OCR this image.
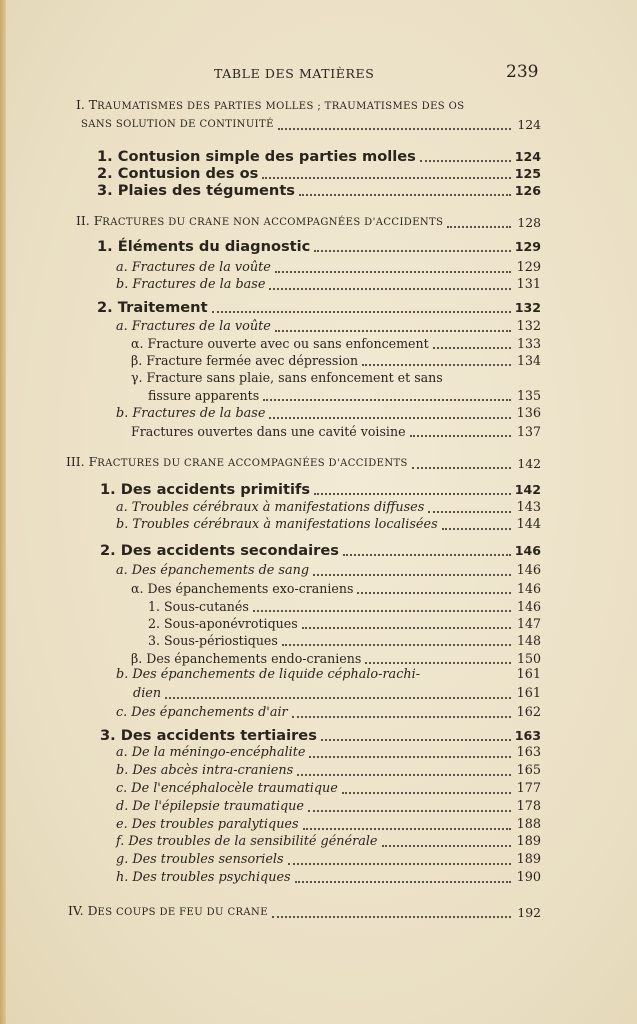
TABLE DES MATIÈRES	239
I. TRAUMATISMES DES PARTIES MOLLES ; TRAUMATISMES DES OS
SANS SOLUTION DE CONTINUITÉ	124
1. Contusion simple des parties molles	124
2. Contusion des os	125
3. Plaies des téguments	126
II. FRACTURES DU CRANE NON ACCOMPAGNÉES D'ACCIDENTS	128
1. Éléments du diagnostic	129
a. Fractures de la voûte	129
b. Fractures de la base	131
2. Traitement	132
a. Fractures de la voûte	132
α. Fracture ouverte avec ou sans enfoncement	133
β. Fracture fermée avec dépression	134
γ. Fracture sans plaie, sans enfoncement et sans
fissure apparents	135
b. Fractures de la base	136
Fractures ouvertes dans une cavité voisine	137
III. FRACTURES DU CRANE ACCOMPAGNÉES D'ACCIDENTS	142
1. Des accidents primitifs	142
a. Troubles cérébraux à manifestations diffuses	143
b. Troubles cérébraux à manifestations localisées	144
2. Des accidents secondaires	146
a. Des épanchements de sang	146
α. Des épanchements exo-craniens	146
1. Sous-cutanés	146
2. Sous-aponévrotiques	147
3. Sous-périostiques	148
β. Des épanchements endo-craniens	150
b. Des épanchements de liquide céphalo-rachi-	161
dien	161
c. Des épanchements d'air	162
3. Des accidents tertiaires	163
a. De la méningo-encéphalite	163
b. Des abcès intra-craniens	165
c. De l'encéphalocèle traumatique	177
d. De l'épilepsie traumatique	178
e. Des troubles paralytiques	188
f. Des troubles de la sensibilité générale	189
g. Des troubles sensoriels	189
h. Des troubles psychiques	190
IV. DES COUPS DE FEU DU CRANE	192
